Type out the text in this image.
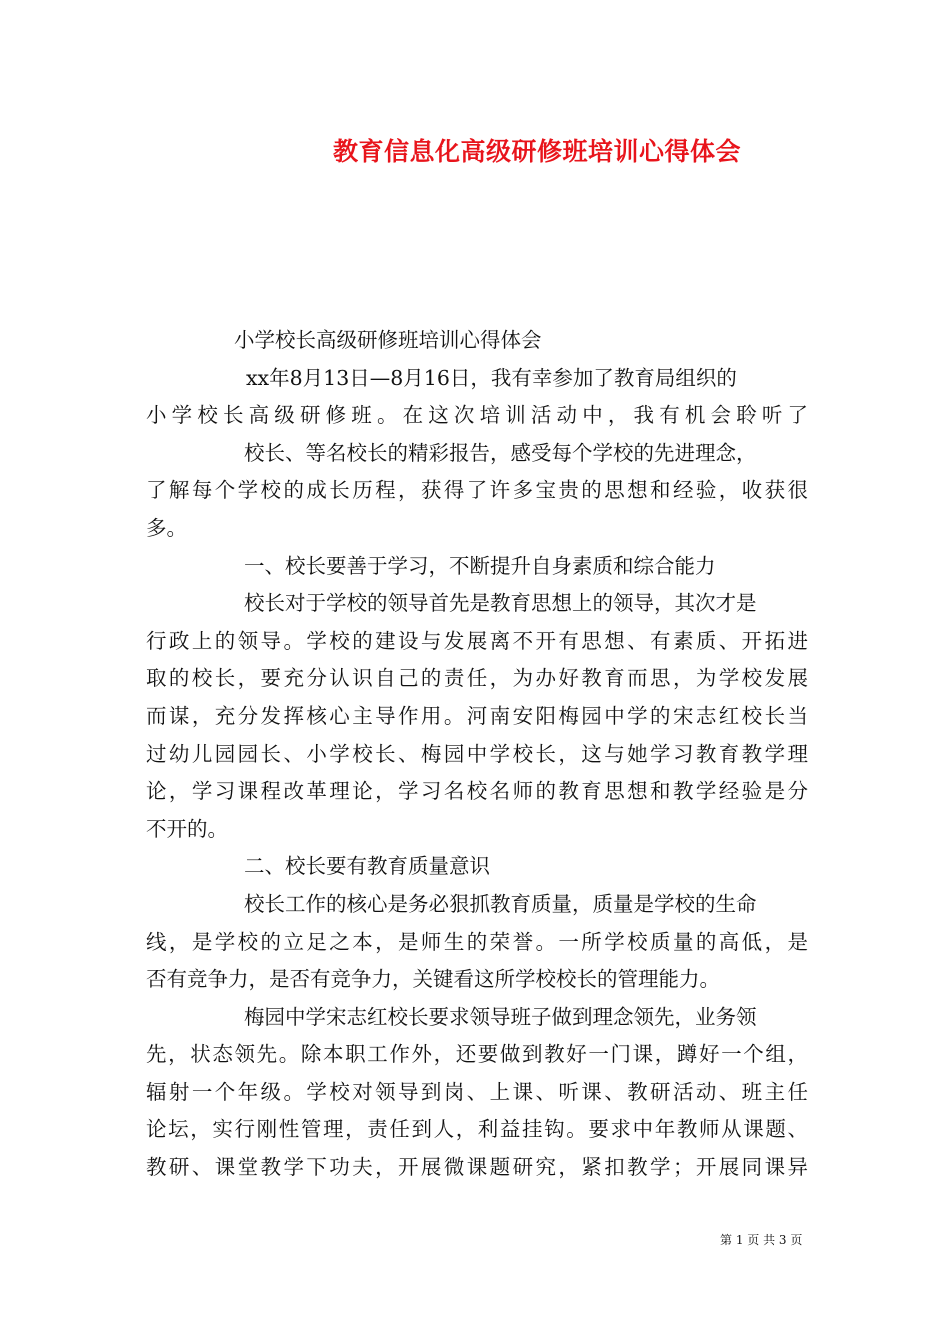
教育信息化高级研修班培训心得体会
小学校长高级研修班培训心得体会
xx年8月13日—8月16日，我有幸参加了教育局组织的
小学校长高级研修班。在这次培训活动中，我有机会聆听了
校长、等名校长的精彩报告，感受每个学校的先进理念，
了解每个学校的成长历程，获得了许多宝贵的思想和经验，收获很
多。
一、校长要善于学习，不断提升自身素质和综合能力
校长对于学校的领导首先是教育思想上的领导，其次才是
行政上的领导。学校的建设与发展离不开有思想、有素质、开拓进
取的校长，要充分认识自己的责任，为办好教育而思，为学校发展
而谋，充分发挥核心主导作用。河南安阳梅园中学的宋志红校长当
过幼儿园园长、小学校长、梅园中学校长，这与她学习教育教学理
论，学习课程改革理论，学习名校名师的教育思想和教学经验是分
不开的。
二、校长要有教育质量意识
校长工作的核心是务必狠抓教育质量，质量是学校的生命
线，是学校的立足之本，是师生的荣誉。一所学校质量的高低，是
否有竞争力，是否有竞争力，关键看这所学校校长的管理能力。
梅园中学宋志红校长要求领导班子做到理念领先，业务领
先，状态领先。除本职工作外，还要做到教好一门课，蹲好一个组，
辐射一个年级。学校对领导到岗、上课、听课、教研活动、班主任
论坛，实行刚性管理，责任到人，利益挂钩。要求中年教师从课题、
教研、课堂教学下功夫，开展微课题研究，紧扣教学；开展同课异
第 1 页 共 3 页
